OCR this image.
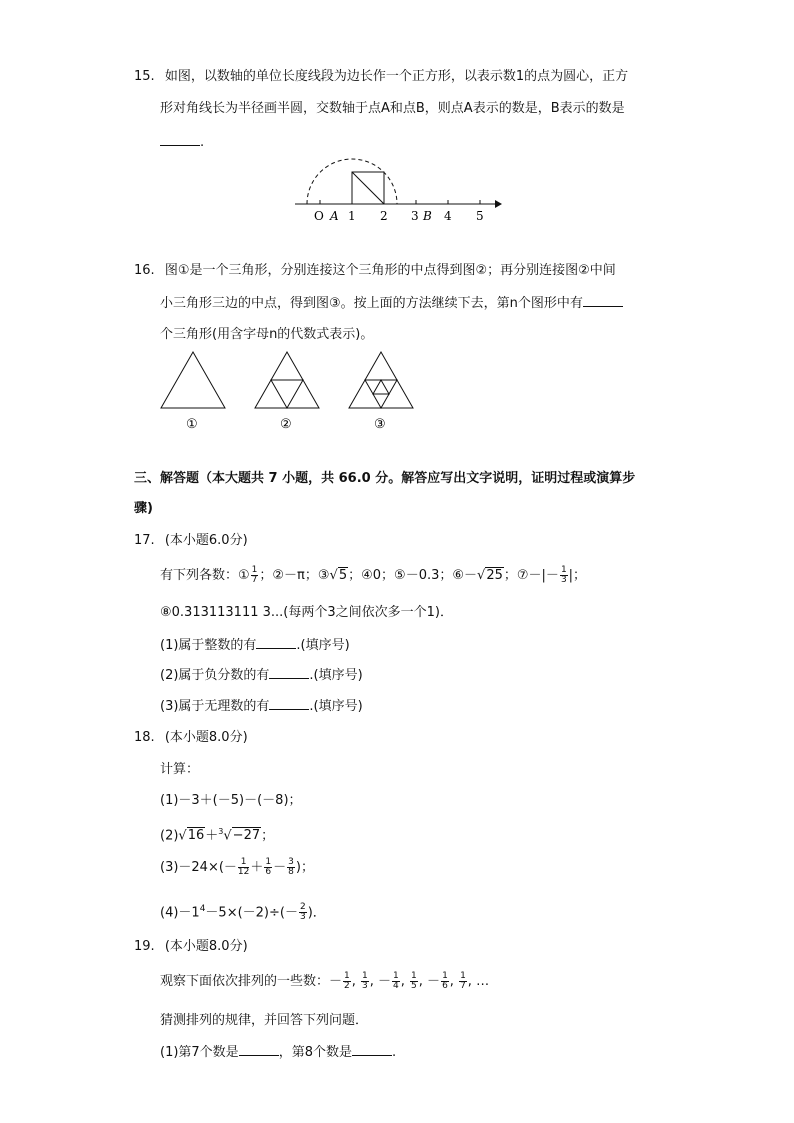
15. 如图，以数轴的单位长度线段为边长作一个正方形，以表示数1的点为圆心，正方
形对角线长为半径画半圆，交数轴于点A和点B，则点A表示的数是，B表示的数是
.
O A 1 2 3 B 4 5
16. 图①是一个三角形，分别连接这个三角形的中点得到图②；再分别连接图②中间
小三角形三边的中点，得到图③。按上面的方法继续下去，第n个图形中有
个三角形(用含字母n的代数式表示)。
①	②	③
三、解答题（本大题共 7 小题，共 66.0 分。解答应写出文字说明，证明过程或演算步
骤)
17. (本小题6.0分)
有下列各数：① $\frac{1}{7}$ ；②－π；③√5；④0；⑤－0.3；⑥－√25；⑦－|－ $\frac{1}{3}$ |；
⑧0.313113111 3...(每两个3之间依次多一个1)．
(1)属于整数的有	.(填序号)
(2)属于负分数的有	.(填序号)
(3)属于无理数的有	.(填序号)
18. (本小题8.0分)
计算：
(1)－3＋(－5)－(－8)；
(2)√16＋$^3$√−27；
$(3)-24\times(- \frac{1}{12} + \frac{1}{6} - \frac{3}{8}$ )；
$(4)-1^4-5\times(-2)\div(- \frac{2}{3}$ )．
19. (本小题8.0分)
观察下面依次排列的一些数：－ $\frac{1}{2}$ , $\frac{1}{3}$ , － $\frac{1}{4}$ , $\frac{1}{5}$ , － $\frac{1}{6}$ , $\frac{1}{7}$ , …
猜测排列的规律，并回答下列问题．
(1)第7个数是	，第8个数是	.
